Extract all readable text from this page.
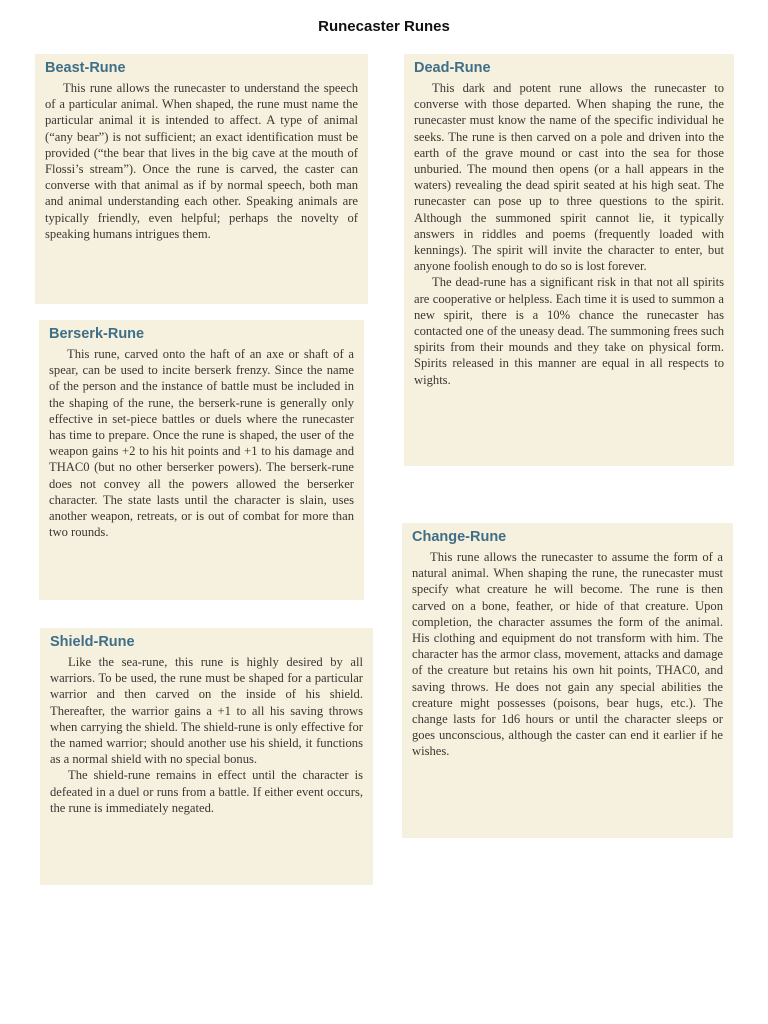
Runecaster Runes
Beast-Rune

This rune allows the runecaster to understand the speech of a particular animal. When shaped, the rune must name the particular animal it is intended to affect. A type of animal (“any bear”) is not sufficient; an exact identification must be provided (“the bear that lives in the big cave at the mouth of Flossi’s stream”). Once the rune is carved, the caster can converse with that animal as if by normal speech, both man and animal understanding each other. Speaking animals are typically friendly, even helpful; perhaps the novelty of speaking humans intrigues them.

Berserk-Rune

This rune, carved onto the haft of an axe or shaft of a spear, can be used to incite berserk frenzy. Since the name of the person and the instance of battle must be included in the shaping of the rune, the berserk-rune is generally only effective in set-piece battles or duels where the runecaster has time to prepare. Once the rune is shaped, the user of the weapon gains +2 to his hit points and +1 to his damage and THAC0 (but no other berserker powers). The berserk-rune does not convey all the powers allowed the berserker character. The state lasts until the character is slain, uses another weapon, retreats, or is out of combat for more than two rounds.

Shield-Rune

Like the sea-rune, this rune is highly desired by all warriors. To be used, the rune must be shaped for a particular warrior and then carved on the inside of his shield. Thereafter, the warrior gains a +1 to all his saving throws when carrying the shield. The shield-rune is only effective for the named warrior; should another use his shield, it functions as a normal shield with no special bonus.

The shield-rune remains in effect until the character is defeated in a duel or runs from a battle. If either event occurs, the rune is immediately negated.

Dead-Rune

This dark and potent rune allows the runecaster to converse with those departed. When shaping the rune, the runecaster must know the name of the specific individual he seeks. The rune is then carved on a pole and driven into the earth of the grave mound or cast into the sea for those unburied. The mound then opens (or a hall appears in the waters) revealing the dead spirit seated at his high seat. The runecaster can pose up to three questions to the spirit. Although the summoned spirit cannot lie, it typically answers in riddles and poems (frequently loaded with kennings). The spirit will invite the character to enter, but anyone foolish enough to do so is lost forever.

The dead-rune has a significant risk in that not all spirits are cooperative or helpless. Each time it is used to summon a new spirit, there is a 10% chance the runecaster has contacted one of the uneasy dead. The summoning frees such spirits from their mounds and they take on physical form. Spirits released in this manner are equal in all respects to wights.

Change-Rune

This rune allows the runecaster to assume the form of a natural animal. When shaping the rune, the runecaster must specify what creature he will become. The rune is then carved on a bone, feather, or hide of that creature. Upon completion, the character assumes the form of the animal. His clothing and equipment do not transform with him. The character has the armor class, movement, attacks and damage of the creature but retains his own hit points, THAC0, and saving throws. He does not gain any special abilities the creature might possesses (poisons, bear hugs, etc.). The change lasts for 1d6 hours or until the character sleeps or goes unconscious, although the caster can end it earlier if he wishes.
